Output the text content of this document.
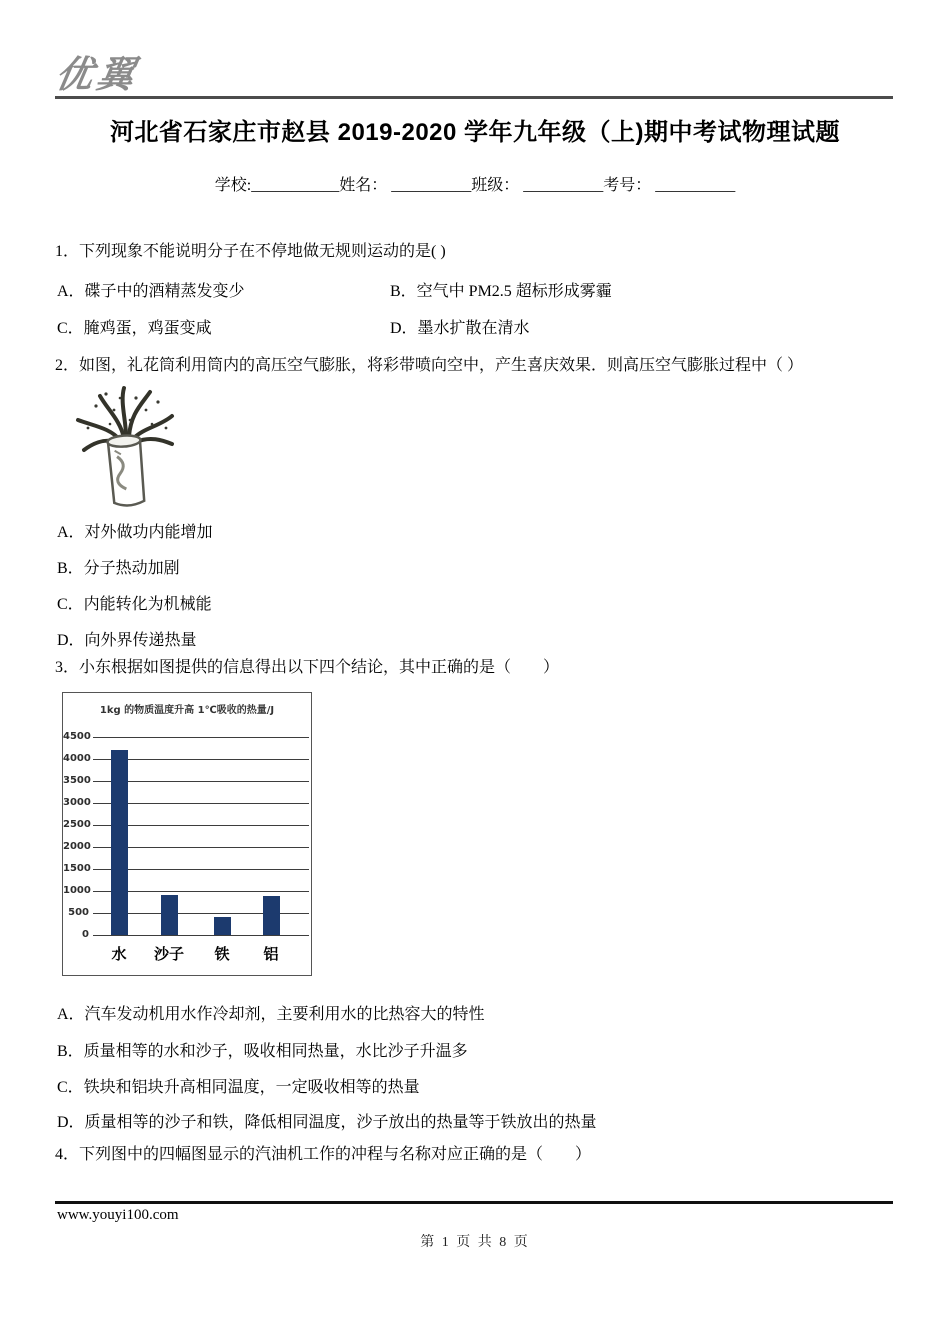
优翼
河北省石家庄市赵县 2019-2020 学年九年级（上)期中考试物理试题
学校:___________姓名： __________班级： __________考号： __________
1．下列现象不能说明分子在不停地做无规则运动的是( )
A．碟子中的酒精蒸发变少	B．空气中 PM2.5 超标形成雾霾
C．腌鸡蛋，鸡蛋变咸	D．墨水扩散在清水
2．如图，礼花筒利用筒内的高压空气膨胀，将彩带喷向空中，产生喜庆效果．则高压空气膨胀过程中（ ）
A．对外做功内能增加
B．分子热动加剧
C．内能转化为机械能
D．向外界传递热量
3．小东根据如图提供的信息得出以下四个结论，其中正确的是（　　）
1kg 的物质温度升高 1℃吸收的热量/J
4500
4000
3500
3000
2500
2000
1500
1000
500
0
水	沙子	铁	铝
A．汽车发动机用水作冷却剂，主要利用水的比热容大的特性
B．质量相等的水和沙子，吸收相同热量，水比沙子升温多
C．铁块和铝块升高相同温度，一定吸收相等的热量
D．质量相等的沙子和铁，降低相同温度，沙子放出的热量等于铁放出的热量
4．下列图中的四幅图显示的汽油机工作的冲程与名称对应正确的是（　　）
www.youyi100.com
第 1 页 共 8 页
